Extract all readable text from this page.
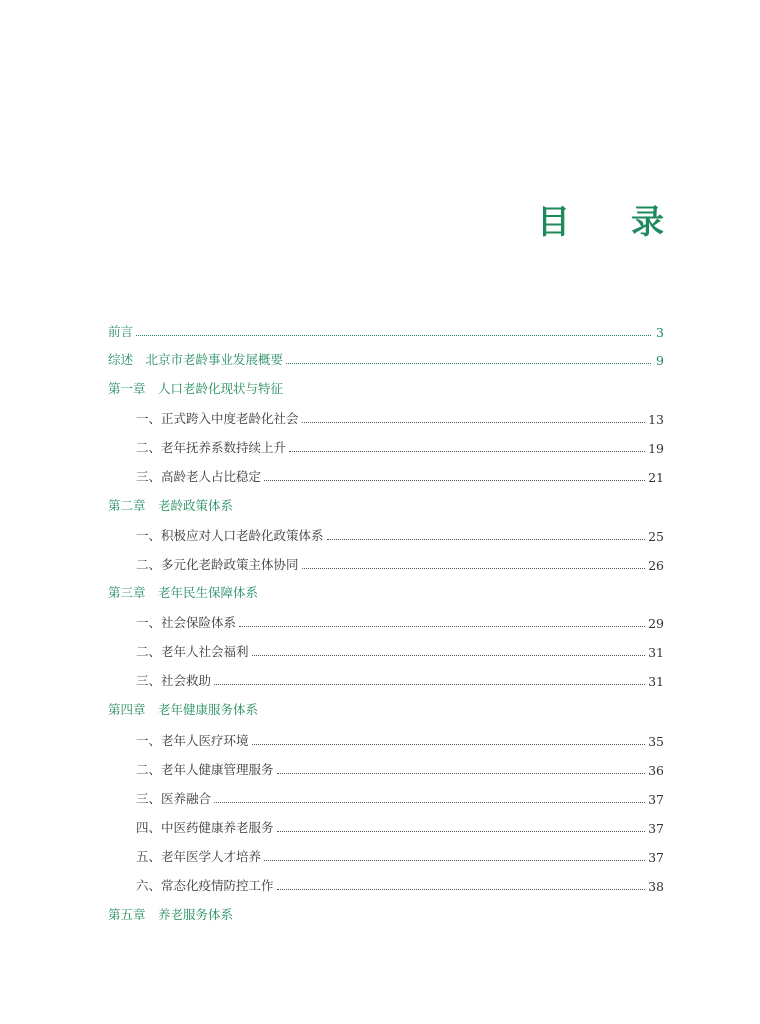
目　录
前言	3
综述　北京市老龄事业发展概要	9
第一章　人口老龄化现状与特征
一、正式跨入中度老龄化社会	13
二、老年抚养系数持续上升	19
三、高龄老人占比稳定	21
第二章　老龄政策体系
一、积极应对人口老龄化政策体系	25
二、多元化老龄政策主体协同	26
第三章　老年民生保障体系
一、社会保险体系	29
二、老年人社会福利	31
三、社会救助	31
第四章　老年健康服务体系
一、老年人医疗环境	35
二、老年人健康管理服务	36
三、医养融合	37
四、中医药健康养老服务	37
五、老年医学人才培养	37
六、常态化疫情防控工作	38
第五章　养老服务体系
